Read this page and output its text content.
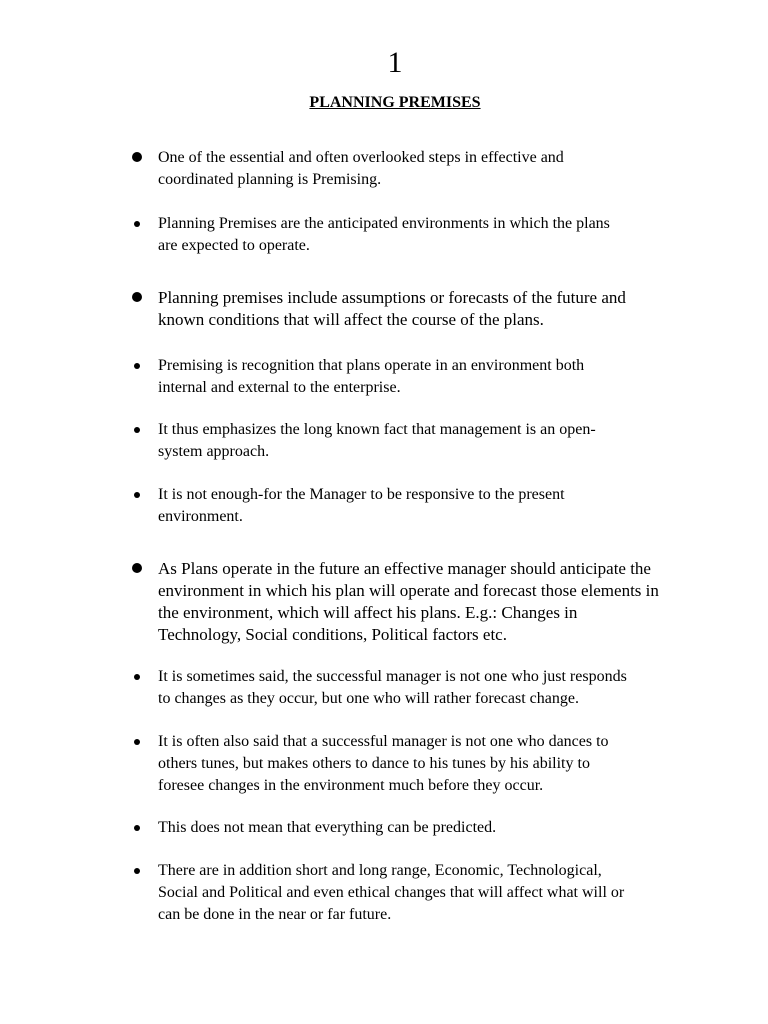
1
PLANNING PREMISES
One of the essential and often overlooked steps in effective and
coordinated planning is Premising.
Planning Premises are the anticipated environments in which the plans
are expected to operate.
Planning premises include assumptions or forecasts of the future and
known conditions that will affect the course of the plans.
Premising is recognition that plans operate in an environment both
internal and external to the enterprise.
It thus emphasizes the long known fact that management is an open-
system approach.
It is not enough-for the Manager to be responsive to the present
environment.
As Plans operate in the future an effective manager should anticipate the
environment in which his plan will operate and forecast those elements in
the environment, which will affect his plans. E.g.: Changes in
Technology, Social conditions, Political factors etc.
It is sometimes said, the successful manager is not one who just responds
to changes as they occur, but one who will rather forecast change.
It is often also said that a successful manager is not one who dances to
others tunes, but makes others to dance to his tunes by his ability to
foresee changes in the environment much before they occur.
This does not mean that everything can be predicted.
There are in addition short and long range, Economic, Technological,
Social and Political and even ethical changes that will affect what will or
can be done in the near or far future.
